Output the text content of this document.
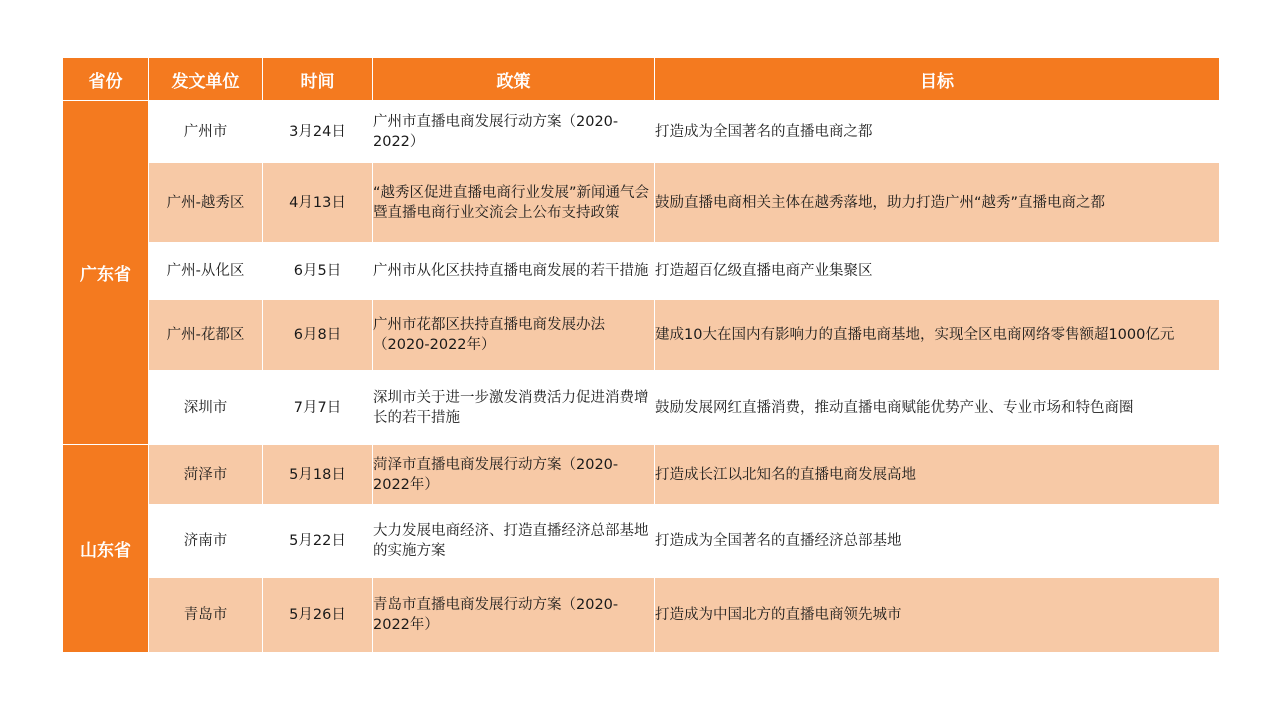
省份	发文单位	时间	政策	目标
广东省	广州市	3月24日	广州市直播电商发展行动方案（2020-2022）	打造成为全国著名的直播电商之都
	广州-越秀区	4月13日	“越秀区促进直播电商行业发展”新闻通气会暨直播电商行业交流会上公布支持政策	鼓励直播电商相关主体在越秀落地，助力打造广州“越秀”直播电商之都
	广州-从化区	6月5日	广州市从化区扶持直播电商发展的若干措施	打造超百亿级直播电商产业集聚区
	广州-花都区	6月8日	广州市花都区扶持直播电商发展办法（2020-2022年）	建成10大在国内有影响力的直播电商基地，实现全区电商网络零售额超1000亿元
	深圳市	7月7日	深圳市关于进一步激发消费活力促进消费增长的若干措施	鼓励发展网红直播消费，推动直播电商赋能优势产业、专业市场和特色商圈
山东省	菏泽市	5月18日	菏泽市直播电商发展行动方案（2020-2022年）	打造成长江以北知名的直播电商发展高地
	济南市	5月22日	大力发展电商经济、打造直播经济总部基地的实施方案	打造成为全国著名的直播经济总部基地
	青岛市	5月26日	青岛市直播电商发展行动方案（2020-2022年）	打造成为中国北方的直播电商领先城市
